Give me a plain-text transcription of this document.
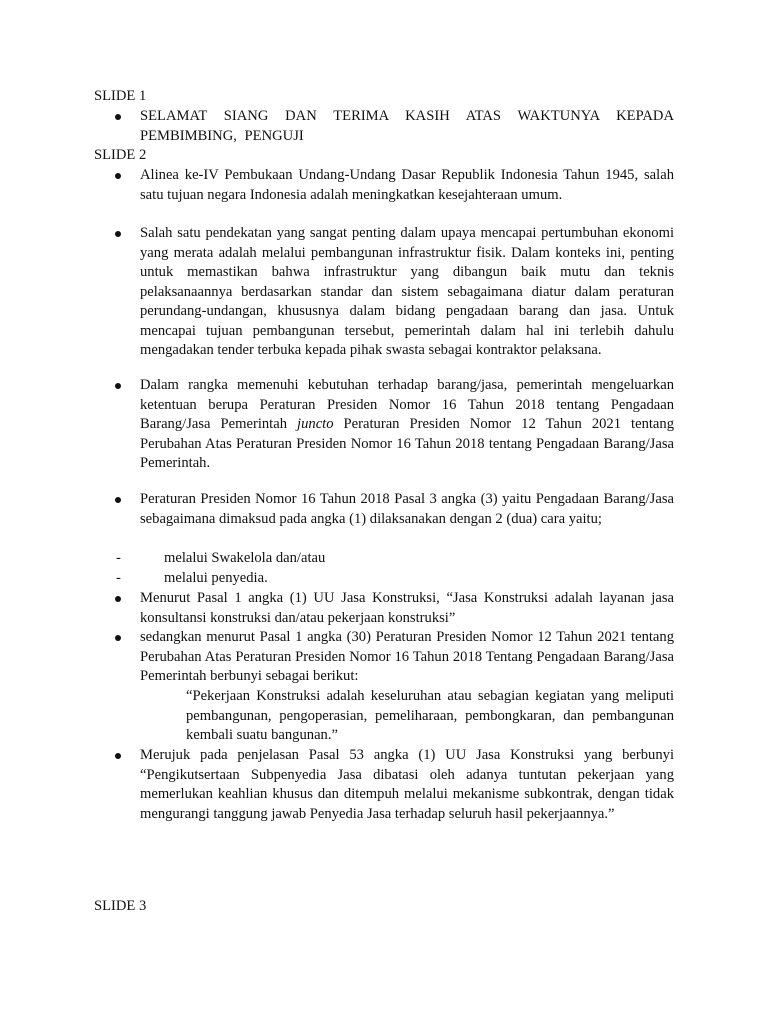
SLIDE 1

SELAMAT SIANG DAN TERIMA KASIH ATAS WAKTUNYA KEPADA PEMBIMBING, PENGUJI

SLIDE 2

Alinea ke-IV Pembukaan Undang-Undang Dasar Republik Indonesia Tahun 1945, salah satu tujuan negara Indonesia adalah meningkatkan kesejahteraan umum.

Salah satu pendekatan yang sangat penting dalam upaya mencapai pertumbuhan ekonomi yang merata adalah melalui pembangunan infrastruktur fisik. Dalam konteks ini, penting untuk memastikan bahwa infrastruktur yang dibangun baik mutu dan teknis pelaksanaannya berdasarkan standar dan sistem sebagaimana diatur dalam peraturan perundang-undangan, khususnya dalam bidang pengadaan barang dan jasa. Untuk mencapai tujuan pembangunan tersebut, pemerintah dalam hal ini terlebih dahulu mengadakan tender terbuka kepada pihak swasta sebagai kontraktor pelaksana.

Dalam rangka memenuhi kebutuhan terhadap barang/jasa, pemerintah mengeluarkan ketentuan berupa Peraturan Presiden Nomor 16 Tahun 2018 tentang Pengadaan Barang/Jasa Pemerintah juncto Peraturan Presiden Nomor 12 Tahun 2021 tentang Perubahan Atas Peraturan Presiden Nomor 16 Tahun 2018 tentang Pengadaan Barang/Jasa Pemerintah.

Peraturan Presiden Nomor 16 Tahun 2018 Pasal 3 angka (3) yaitu Pengadaan Barang/Jasa sebagaimana dimaksud pada angka (1) dilaksanakan dengan 2 (dua) cara yaitu;

-	melalui Swakelola dan/atau

-	melalui penyedia.

Menurut Pasal 1 angka (1) UU Jasa Konstruksi, “Jasa Konstruksi adalah layanan jasa konsultansi konstruksi dan/atau pekerjaan konstruksi”

sedangkan menurut Pasal 1 angka (30) Peraturan Presiden Nomor 12 Tahun 2021 tentang Perubahan Atas Peraturan Presiden Nomor 16 Tahun 2018 Tentang Pengadaan Barang/Jasa Pemerintah berbunyi sebagai berikut:

“Pekerjaan Konstruksi adalah keseluruhan atau sebagian kegiatan yang meliputi pembangunan, pengoperasian, pemeliharaan, pembongkaran, dan pembangunan kembali suatu bangunan.”

Merujuk pada penjelasan Pasal 53 angka (1) UU Jasa Konstruksi yang berbunyi “Pengikutsertaan Subpenyedia Jasa dibatasi oleh adanya tuntutan pekerjaan yang memerlukan keahlian khusus dan ditempuh melalui mekanisme subkontrak, dengan tidak mengurangi tanggung jawab Penyedia Jasa terhadap seluruh hasil pekerjaannya.”

SLIDE 3
